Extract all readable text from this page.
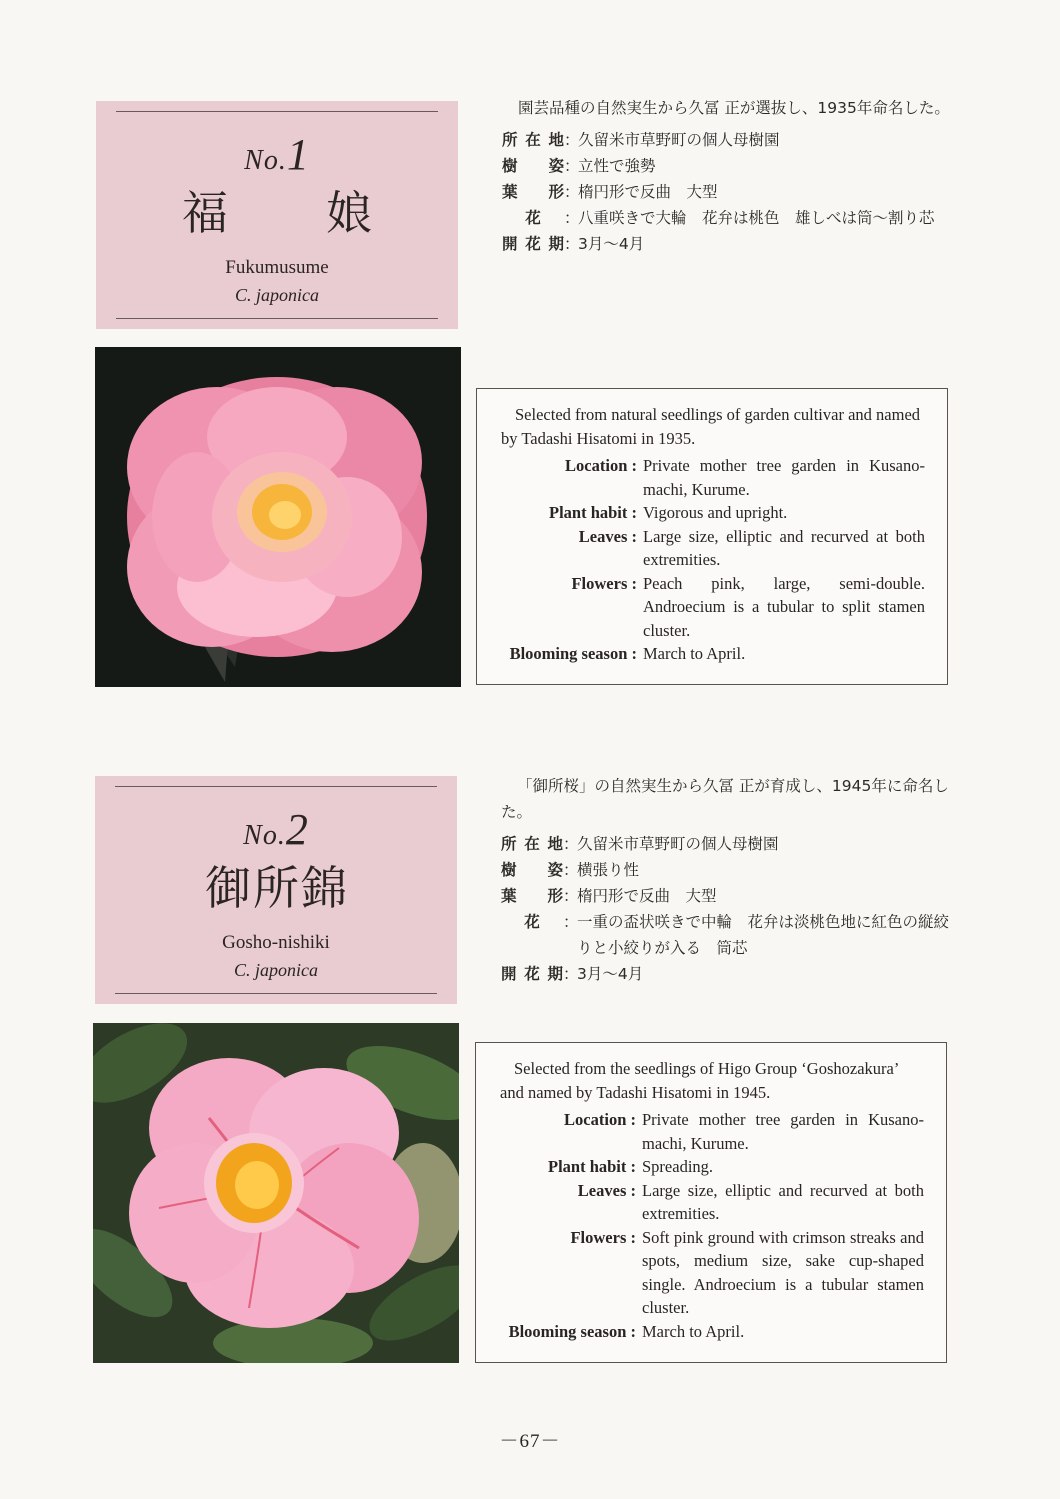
No.1
福　娘
Fukumusume
C. japonica

園芸品種の自然実生から久冨 正が選抜し、1935年命名した。

所在地 ：
久留米市草野町の個人母樹園
樹　姿 ：
立性で強勢
葉　形 ：
楕円形で反曲　大型
花	：
八重咲きで大輪　花弁は桃色　雄しべは筒～割り芯
開花期 ：
3月～4月

Selected from natural seedlings of garden cultivar and named by Tadashi Hisatomi in 1935.

Location : Private mother tree garden in Kusano-machi, Kurume.
Plant habit : Vigorous and upright.
Leaves : Large size, elliptic and recurved at both extremities.
Flowers : Peach pink, large, semi-double. Androecium is a tubular to split stamen cluster.
Blooming season : March to April.
No.2
御所錦
Gosho-nishiki
C. japonica

「御所桜」の自然実生から久冨 正が育成し、1945年に命名した。

所在地 ：
久留米市草野町の個人母樹園
樹　姿 ：
横張り性
葉　形 ：
楕円形で反曲　大型
花	：
一重の盃状咲きで中輪　花弁は淡桃色地に紅色の縦絞りと小絞りが入る　筒芯
開花期 ：
3月～4月

Selected from the seedlings of Higo Group ‘Goshozakura’ and named by Tadashi Hisatomi in 1945.

Location : Private mother tree garden in Kusano-machi, Kurume.
Plant habit : Spreading.
Leaves : Large size, elliptic and recurved at both extremities.
Flowers : Soft pink ground with crimson streaks and spots, medium size, sake cup-shaped single. Androecium is a tubular stamen cluster.
Blooming season : March to April.
－67－
